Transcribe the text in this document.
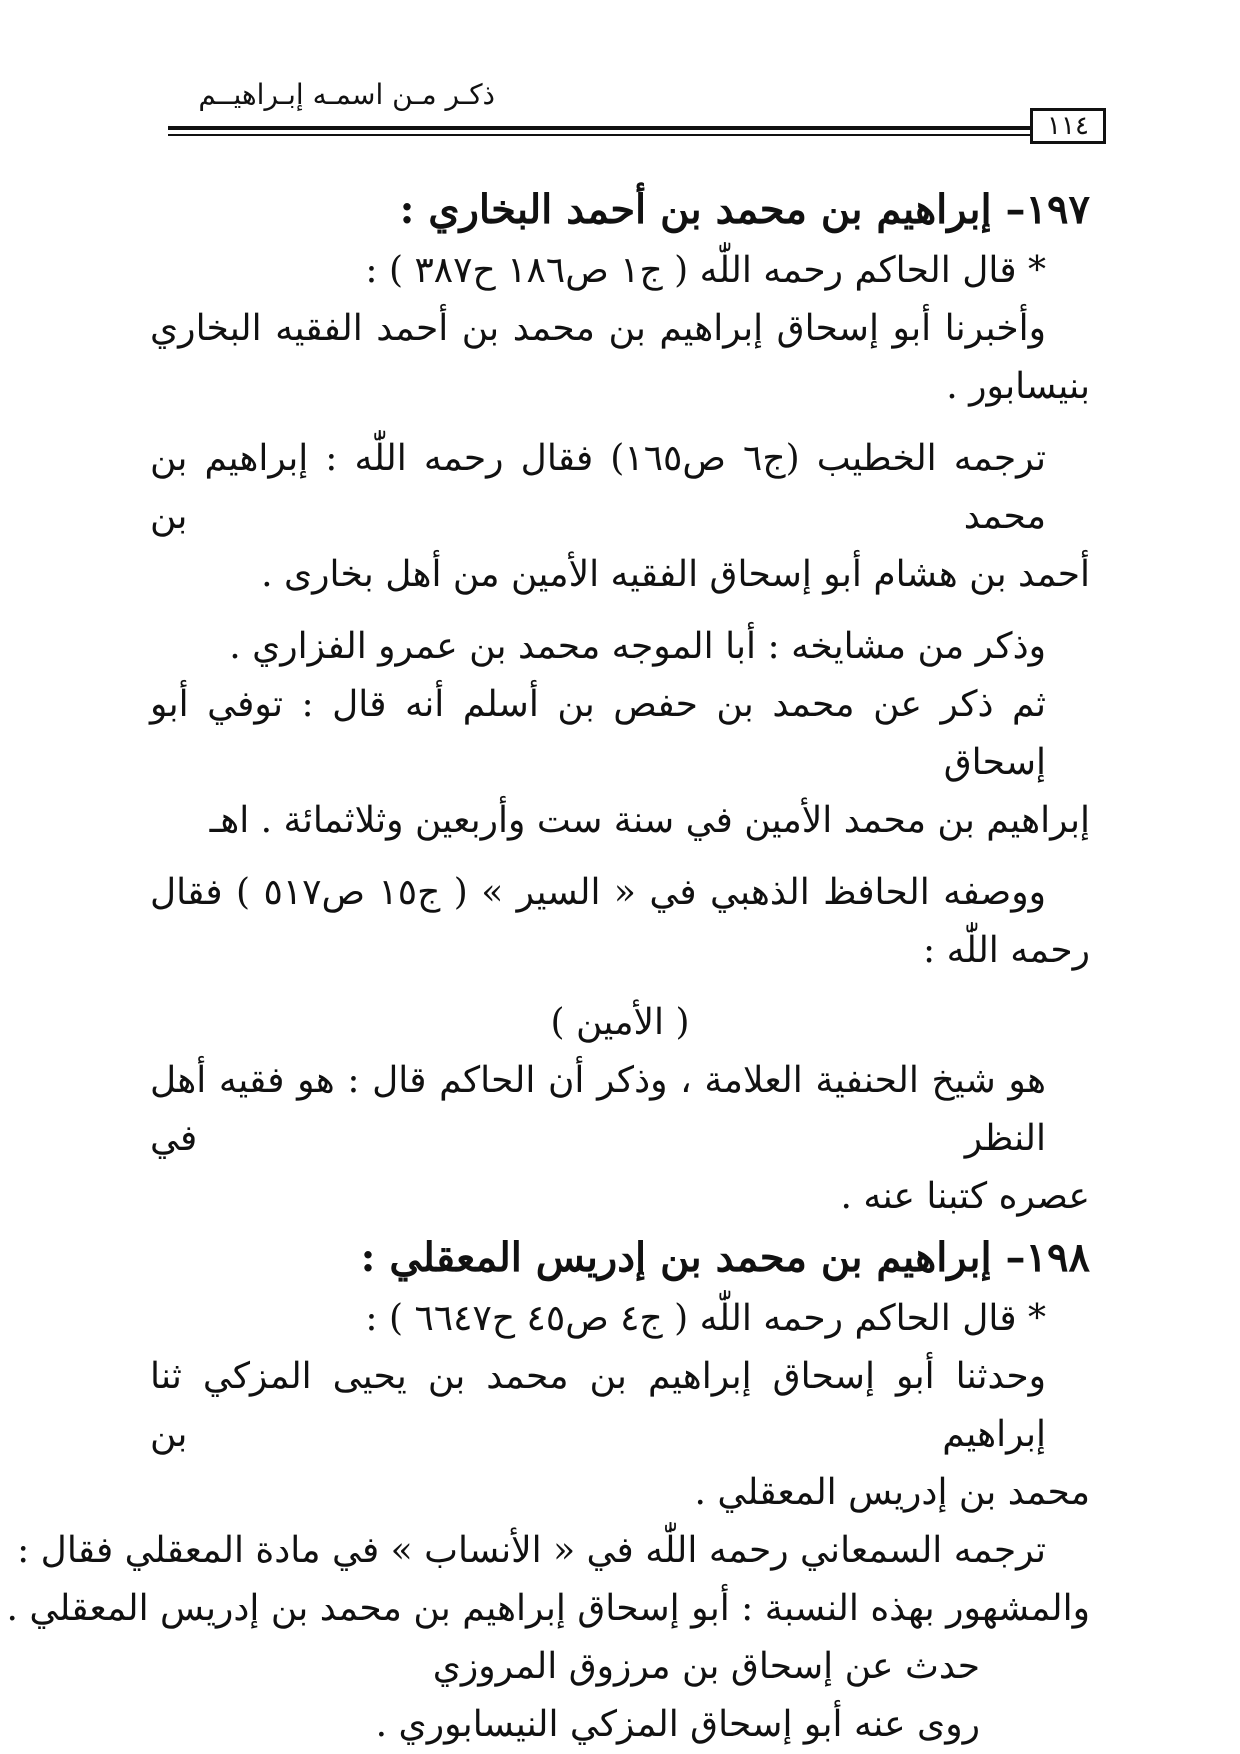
ذكـر مـن اسمـه إبـراهيــم
١١٤

١٩٧– إبراهيم بن محمد بن أحمد البخاري :

* قال الحاكم رحمه اللّٰه ( ج١ ص١٨٦ ح٣٨٧ ) :

وأخبرنا أبو إسحاق إبراهيم بن محمد بن أحمد الفقيه البخاري

بنيسابور .

ترجمه الخطيب (ج٦ ص١٦٥) فقال رحمه اللّٰه : إبراهيم بن محمد بن

أحمد بن هشام أبو إسحاق الفقيه الأمين من أهل بخارى .

وذكر من مشايخه : أبا الموجه محمد بن عمرو الفزاري .

ثم ذكر عن محمد بن حفص بن أسلم أنه قال : توفي أبو إسحاق

إبراهيم بن محمد الأمين في سنة ست وأربعين وثلاثمائة . اهـ

ووصفه الحافظ الذهبي في « السير » ( ج١٥ ص٥١٧ ) فقال

رحمه اللّٰه :

( الأمين )

هو شيخ الحنفية العلامة ، وذكر أن الحاكم قال : هو فقيه أهل النظر في

عصره كتبنا عنه .

١٩٨– إبراهيم بن محمد بن إدريس المعقلي :

* قال الحاكم رحمه اللّٰه ( ج٤ ص٤٥ ح٦٦٤٧ ) :

وحدثنا أبو إسحاق إبراهيم بن محمد بن يحيى المزكي ثنا إبراهيم بن

محمد بن إدريس المعقلي .

ترجمه السمعاني رحمه اللّٰه في « الأنساب » في مادة المعقلي فقال :

والمشهور بهذه النسبة : أبو إسحاق إبراهيم بن محمد بن إدريس المعقلي .

حدث عن إسحاق بن مرزوق المروزي

روى عنه أبو إسحاق المزكي النيسابوري .
